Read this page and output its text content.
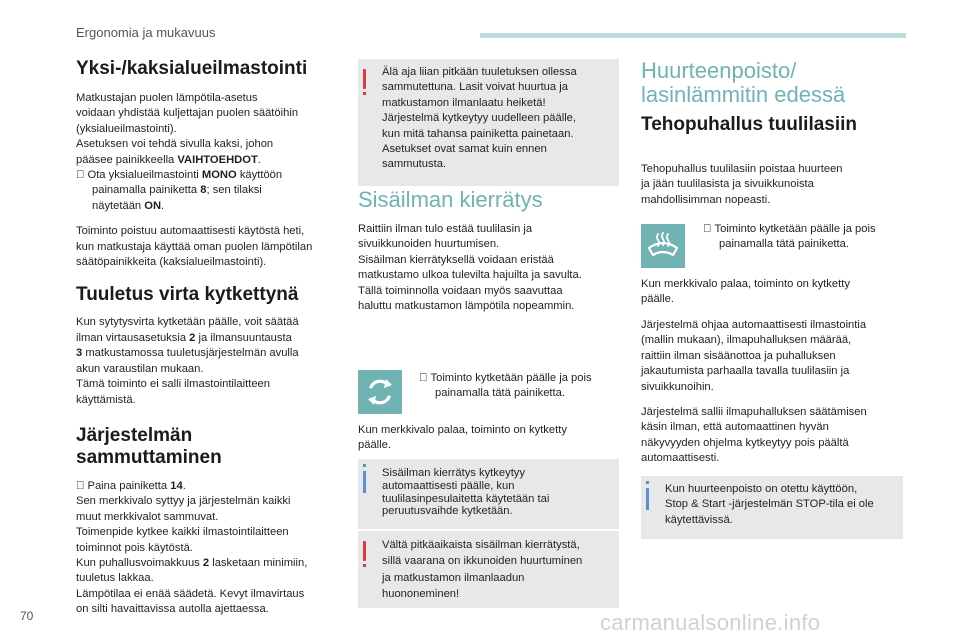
Ergonomia ja mukavuus
Yksi-/kaksialueilmastointi

Matkustajan puolen lämpötila-asetus
voidaan yhdistää kuljettajan puolen säätöihin
(yksialueilmastointi).
Asetuksen voi tehdä sivulla kaksi, johon
pääsee painikkeella VAIHTOEHDOT.

Ota yksialueilmastointi MONO käyttöön
painamalla painiketta 8; sen tilaksi
näytetään ON.

Toiminto poistuu automaattisesti käytöstä heti,
kun matkustaja käyttää oman puolen lämpötilan
säätöpainikkeita (kaksialueilmastointi).

Tuuletus virta kytkettynä

Kun sytytysvirta kytketään päälle, voit säätää
ilman virtausasetuksia 2 ja ilmansuuntausta
3 matkustamossa tuuletusjärjestelmän avulla
akun varaustilan mukaan.
Tämä toiminto ei salli ilmastointilaitteen
käyttämistä.

Järjestelmän
sammuttaminen

Paina painiketta 14.
Sen merkkivalo syttyy ja järjestelmän kaikki
muut merkkivalot sammuvat.
Toimenpide kytkee kaikki ilmastointilaitteen
toiminnot pois käytöstä.
Kun puhallusvoimakkuus 2 lasketaan minimiin,
tuuletus lakkaa.
Lämpötilaa ei enää säädetä. Kevyt ilmavirtaus
on silti havaittavissa autolla ajettaessa.

Älä aja liian pitkään tuuletuksen ollessa
sammutettuna. Lasit voivat huurtua ja
matkustamon ilmanlaatu heiketä!
Järjestelmä kytkeytyy uudelleen päälle,
kun mitä tahansa painiketta painetaan.
Asetukset ovat samat kuin ennen
sammutusta.

Sisäilman kierrätys

Raittiin ilman tulo estää tuulilasin ja
sivuikkunoiden huurtumisen.
Sisäilman kierrätyksellä voidaan eristää
matkustamo ulkoa tulevilta hajuilta ja savulta.
Tällä toiminnolla voidaan myös saavuttaa
haluttu matkustamon lämpötila nopeammin.

Toiminto kytketään päälle ja pois
painamalla tätä painiketta.

Kun merkkivalo palaa, toiminto on kytketty
päälle.

Sisäilman kierrätys kytkeytyy
automaattisesti päälle, kun
tuulilasinpesulaitetta käytetään tai
peruutusvaihde kytketään.

Vältä pitkäaikaista sisäilman kierrätystä,
sillä vaarana on ikkunoiden huurtuminen
ja matkustamon ilmanlaadun
huononeminen!

Huurteenpoisto/
lasinlämmitin edessä
Tehopuhallus tuulilasiin

Tehopuhallus tuulilasiin poistaa huurteen
ja jään tuulilasista ja sivuikkunoista
mahdollisimman nopeasti.

Toiminto kytketään päälle ja pois
painamalla tätä painiketta.

Kun merkkivalo palaa, toiminto on kytketty
päälle.

Järjestelmä ohjaa automaattisesti ilmastointia
(mallin mukaan), ilmapuhalluksen määrää,
raittiin ilman sisäänottoa ja puhalluksen
jakautumista parhaalla tavalla tuulilasiin ja
sivuikkunoihin.

Järjestelmä sallii ilmapuhalluksen säätämisen
käsin ilman, että automaattinen hyvän
näkyvyyden ohjelma kytkeytyy pois päältä
automaattisesti.

Kun huurteenpoisto on otettu käyttöön,
Stop & Start -järjestelmän STOP-tila ei ole
käytettävissä.

70	carmanualsonline.info
